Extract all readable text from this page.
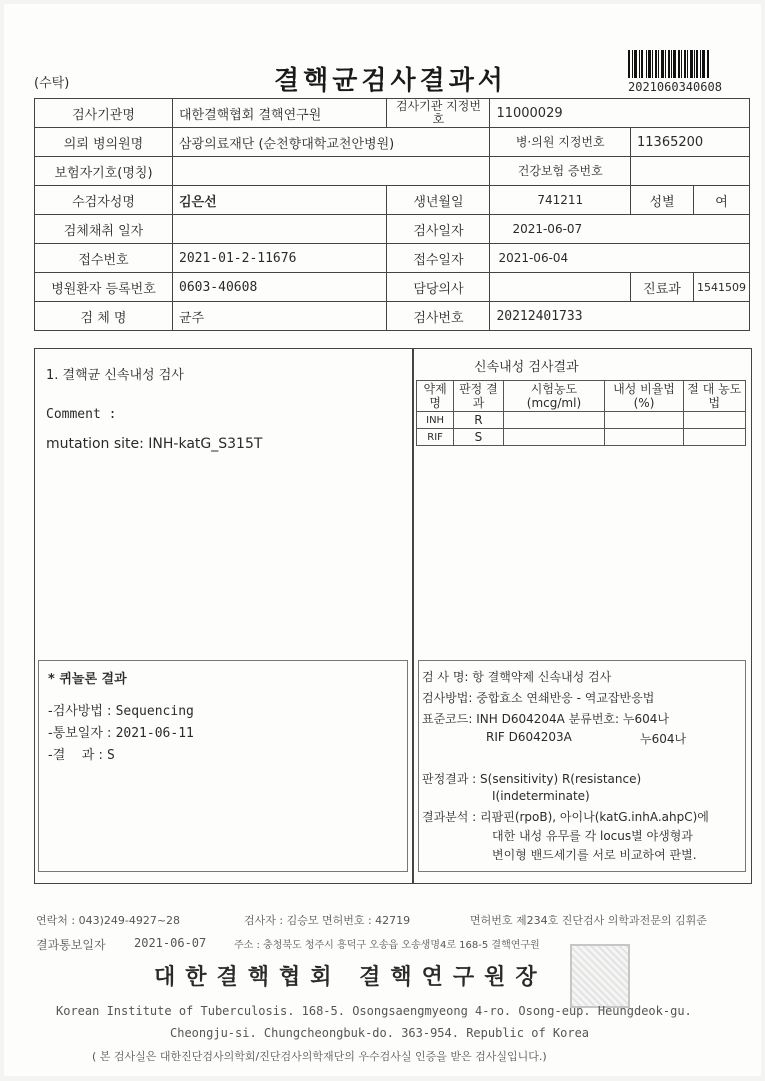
(수탁)	결핵균검사결과서	2021060340608
검사기관명	대한결핵협회 결핵연구원	검사기관 지정번호	11000029		
의뢰 병의원명	삼광의료재단 (순천향대학교천안병원)		병·의원 지정번호	11365200	
보험자기호(명칭)			건강보험 증번호		
수검자성명	김은선	생년월일	741211	성별	여
검체채취 일자		검사일자	2021-06-07		
접수번호	2021-01-2-11676	접수일자	2021-06-04		
병원환자 등록번호	0603-40608	담당의사		진료과	1541509
검 체 명	균주	검사번호	20212401733		
1. 결핵균 신속내성 검사
Comment :
mutation site: INH-katG_S315T
신속내성 검사결과
약제명	판정 결과	시험농도 (mcg/ml)	내성 비율법(%)	절 대 농도법
INH	R			
RIF	S			
* 퀴놀론 결과
-검사방법 : Sequencing
-통보일자 : 2021-06-11
-결    과 : S
검 사 명: 항 결핵약제 신속내성 검사
검사방법: 중합효소 연쇄반응 - 역교잡반응법
표준코드: INH D604204A 분류번호: 누604나
RIF D604203A	누604나
판정결과 : S(sensitivity) R(resistance)
I(indeterminate)
결과분석 : 리팜핀(rpoB), 아이나(katG.inhA.ahpC)에
대한 내성 유무를 각 locus별 야생형과
변이형 밴드세기를 서로 비교하여 판별.
연락처 : 043)249-4927~28	검사자 : 김승모 면허번호 : 42719	면허번호 제234호 진단검사 의학과전문의 김휘준
결과통보일자 2021-06-07	주소 : 충청북도 청주시 흥덕구 오송읍 오송생명4로 168-5 결핵연구원
대한결핵협회 결핵연구원장
Korean Institute of Tuberculosis. 168-5. Osongsaengmyeong 4-ro. Osong-eup. Heungdeok-gu.
Cheongju-si. Chungcheongbuk-do. 363-954. Republic of Korea
( 본 검사실은 대한진단검사의학회/진단검사의학재단의 우수검사실 인증을 받은 검사실입니다.)
